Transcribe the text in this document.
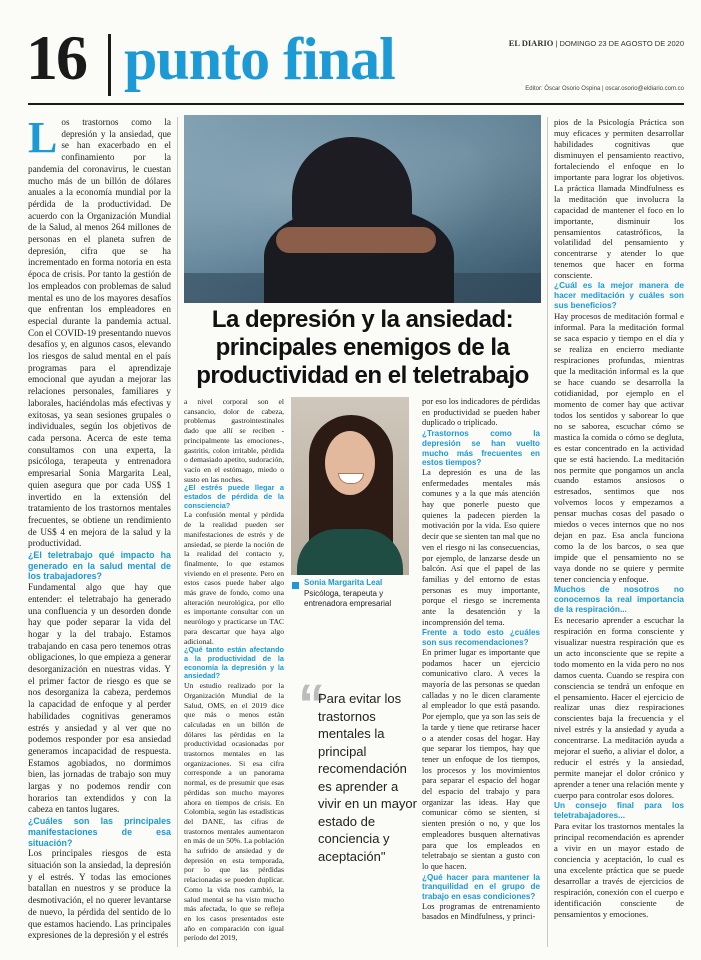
16 punto final	EL DIARIO | DOMINGO 23 DE AGOSTO DE 2020
Editor: Óscar Osorio Ospina | oscar.osorio@eldiario.com.co
La depresión y la ansiedad: principales enemigos de la productividad en el teletrabajo

Los trastornos como la depresión y la ansiedad, que se han exacerbado en el confinamiento por la pandemia del coronavirus, le cuestan mucho más de un billón de dólares anuales a la economía mundial por la pérdida de la productividad. De acuerdo con la Organización Mundial de la Salud, al menos 264 millones de personas en el planeta sufren de depresión, cifra que se ha incrementado en forma notoria en esta época de crisis. Por tanto la gestión de los empleados con problemas de salud mental es uno de los mayores desafíos que enfrentan los empleadores en especial durante la pandemia actual. Con el COVID-19 presentando nuevos desafíos y, en algunos casos, elevando los riesgos de salud mental en el país programas para el aprendizaje emocional que ayudan a mejorar las relaciones personales, familiares y laborales, haciéndolas más efectivas y exitosas, ya sean sesiones grupales o individuales, según los objetivos de cada persona. Acerca de este tema consultamos con una experta, la psicóloga, terapeuta y entrenadora empresarial Sonia Margarita Leal, quien asegura que por cada US$ 1 invertido en la extensión del tratamiento de los trastornos mentales frecuentes, se obtiene un rendimiento de US$ 4 en mejora de la salud y la productividad.

¿El teletrabajo qué impacto ha generado en la salud mental de los trabajadores?

Fundamental algo que hay que entender: el teletrabajo ha generado una confluencia y un desorden donde hay que poder separar la vida del hogar y la del trabajo. Estamos trabajando en casa pero tenemos otras obligaciones, lo que empieza a generar desorganización en nuestras vidas. Y el primer factor de riesgo es que se nos desorganiza la cabeza, perdemos la capacidad de enfoque y al perder habilidades cognitivas generamos estrés y ansiedad y al ver que no podemos responder por esa ansiedad generamos incapacidad de respuesta. Estamos agobiados, no dormimos bien, las jornadas de trabajo son muy largas y no podemos rendir con horarios tan extendidos y con la cabeza en tantos lugares.

¿Cuáles son las principales manifestaciones de esa situación?

Los principales riesgos de esta situación son la ansiedad, la depresión y el estrés. Y todas las emociones batallan en nuestros y se produce la desmotivación, el no querer levantarse de nuevo, la pérdida del sentido de lo que estamos haciendo. Las principales expresiones de la depresión y el estrés

a nivel corporal son el cansancio, dolor de cabeza, problemas gastrointestinales dado que allí se reciben -principalmente las emociones-, gastritis, colon irritable, pérdida o demasiado apetito, sudoración, vacío en el estómago, miedo o susto en las noches.

¿El estrés puede llegar a estados de pérdida de la consciencia?

La confusión mental y pérdida de la realidad pueden ser manifestaciones de estrés y de ansiedad, se pierde la noción de la realidad del contacto y, finalmente, lo que estamos viviendo en el presente. Pero en estos casos puede haber algo más grave de fondo, como una alteración neurológica, por ello es importante consultar con un neurólogo y practicarse un TAC para descartar que haya algo adicional.

¿Qué tanto están afectando a la productividad de la economía la depresión y la ansiedad?

Un estudio realizado por la Organización Mundial de la Salud, OMS, en el 2019 dice que más o menos están calculadas en un billón de dólares las pérdidas en la productividad ocasionadas por trastornos mentales en las organizaciones. Si esa cifra corresponde a un panorama normal, es de presumir que esas pérdidas son mucho mayores ahora en tiempos de crisis. En Colombia, según las estadísticas del DANE, las cifras de trastornos mentales aumentaron en más de un 50%. La población ha sufrido de ansiedad y de depresión en esta temporada, por lo que las pérdidas relacionadas se pueden duplicar. Como la vida nos cambió, la salud mental se ha visto mucho más afectada, lo que se refleja en los casos presentados este año en comparación con igual período del 2019,

Sonia Margarita Leal
Psicóloga, terapeuta y entrenadora empresarial
“
Para evitar los trastornos mentales la principal recomendación es aprender a vivir en un mayor estado de conciencia y aceptación"

por eso los indicadores de pérdidas en productividad se pueden haber duplicado o triplicado.

¿Trastornos como la depresión se han vuelto mucho más frecuentes en estos tiempos?

La depresión es una de las enfermedades mentales más comunes y a la que más atención hay que ponerle puesto que quienes la padecen pierden la motivación por la vida. Eso quiere decir que se sienten tan mal que no ven el riesgo ni las consecuencias, por ejemplo, de lanzarse desde un balcón. Así que el papel de las familias y del entorno de estas personas es muy importante, porque el riesgo se incrementa ante la desatención y la incomprensión del tema.

Frente a todo esto ¿cuáles son sus recomendaciones?

En primer lugar es importante que podamos hacer un ejercicio comunicativo claro. A veces la mayoría de las personas se quedan calladas y no le dicen claramente al empleador lo que está pasando. Por ejemplo, que ya son las seis de la tarde y tiene que retirarse hacer o a atender cosas del hogar. Hay que separar los tiempos, hay que tener un enfoque de los tiempos, los procesos y los movimientos para separar el espacio del hogar del espacio del trabajo y para organizar las ideas. Hay que comunicar cómo se sienten, si sienten presión o no, y que los empleadores busquen alternativas para que los empleados en teletrabajo se sientan a gusto con lo que hacen.

¿Qué hacer para mantener la tranquilidad en el grupo de trabajo en esas condiciones?

Los programas de entrenamiento basados en Mindfulness, y princi-

pios de la Psicología Práctica son muy eficaces y permiten desarrollar habilidades cognitivas que disminuyen el pensamiento reactivo, fortaleciendo el enfoque en lo importante para lograr los objetivos. La práctica llamada Mindfulness es la meditación que involucra la capacidad de mantener el foco en lo importante, disminuir los pensamientos catastróficos, la volatilidad del pensamiento y concentrarse y atender lo que tenemos que hacer en forma consciente.

¿Cuál es la mejor manera de hacer meditación y cuáles son sus beneficios?

Hay procesos de meditación formal e informal. Para la meditación formal se saca espacio y tiempo en el día y se realiza en encierro mediante respiraciones profundas, mientras que la meditación informal es la que se hace cuando se desarrolla la cotidianidad, por ejemplo en el momento de comer hay que activar todos los sentidos y saborear lo que no se saborea, escuchar cómo se mastica la comida o cómo se degluta, es estar concentrado en la actividad que se está haciendo. La meditación nos permite que pongamos un ancla cuando estamos ansiosos o estresados, sentimos que nos volvemos locos y empezamos a pensar muchas cosas del pasado o miedos o veces internos que no nos dejan en paz. Esa ancla funciona como la de los barcos, o sea que impide que el pensamiento no se vaya donde no se quiere y permite tener conciencia y enfoque.

Muchos de nosotros no conocemos la real importancia de la respiración...

Es necesario aprender a escuchar la respiración en forma consciente y visualizar nuestra respiración que es un acto inconsciente que se repite a todo momento en la vida pero no nos damos cuenta. Cuando se respira con consciencia se tendrá un enfoque en el pensamiento. Hacer el ejercicio de realizar unas diez respiraciones conscientes baja la frecuencia y el nivel estrés y la ansiedad y ayuda a concentrarse. La meditación ayuda a mejorar el sueño, a aliviar el dolor, a reducir el estrés y la ansiedad, permite manejar el dolor crónico y aprender a tener una relación mente y cuerpo para controlar esos dolores.

Un consejo final para los teletrabajadores...

Para evitar los trastornos mentales la principal recomendación es aprender a vivir en un mayor estado de conciencia y aceptación, lo cual es una excelente práctica que se puede desarrollar a través de ejercicios de respiración, conexión con el cuerpo e identificación consciente de pensamientos y emociones.
